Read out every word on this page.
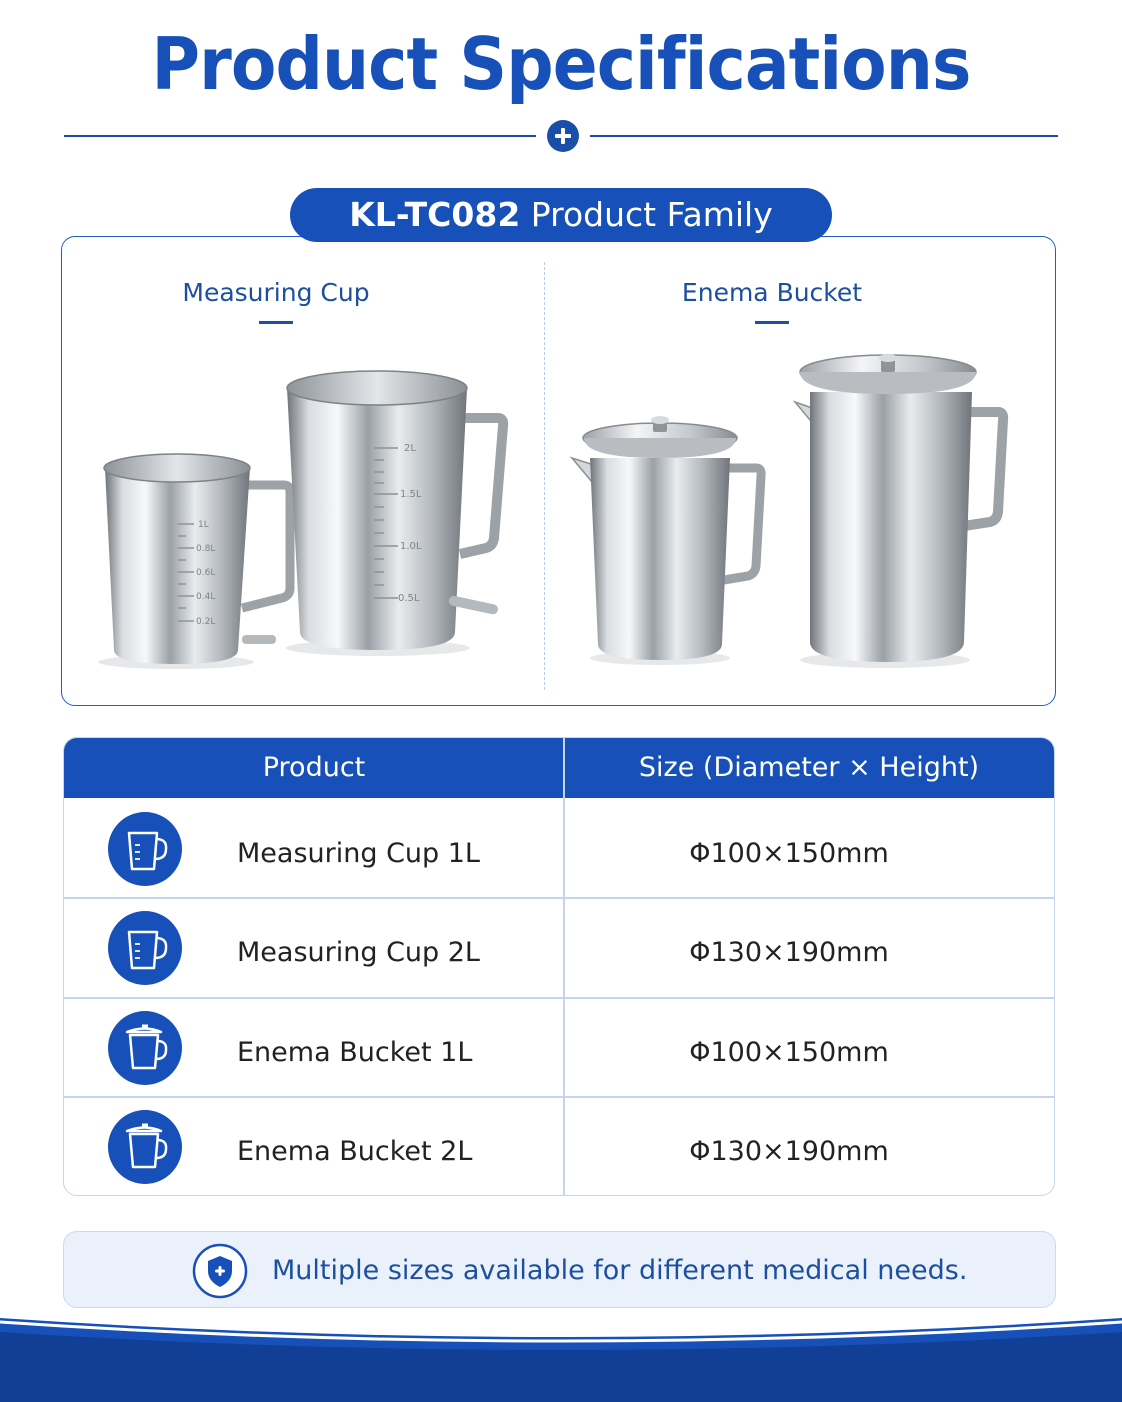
Product Specifications
KL-TC082 Product Family
Measuring Cup	Enema Bucket
1L
0.8L
0.6L
0.4L
0.2L
2L
1.5L
1.0L
0.5L
Product	Size (Diameter × Height)
Measuring Cup 1L	Φ100×150mm
Measuring Cup 2L	Φ130×190mm
Enema Bucket 1L	Φ100×150mm
Enema Bucket 2L	Φ130×190mm
Multiple sizes available for different medical needs.
